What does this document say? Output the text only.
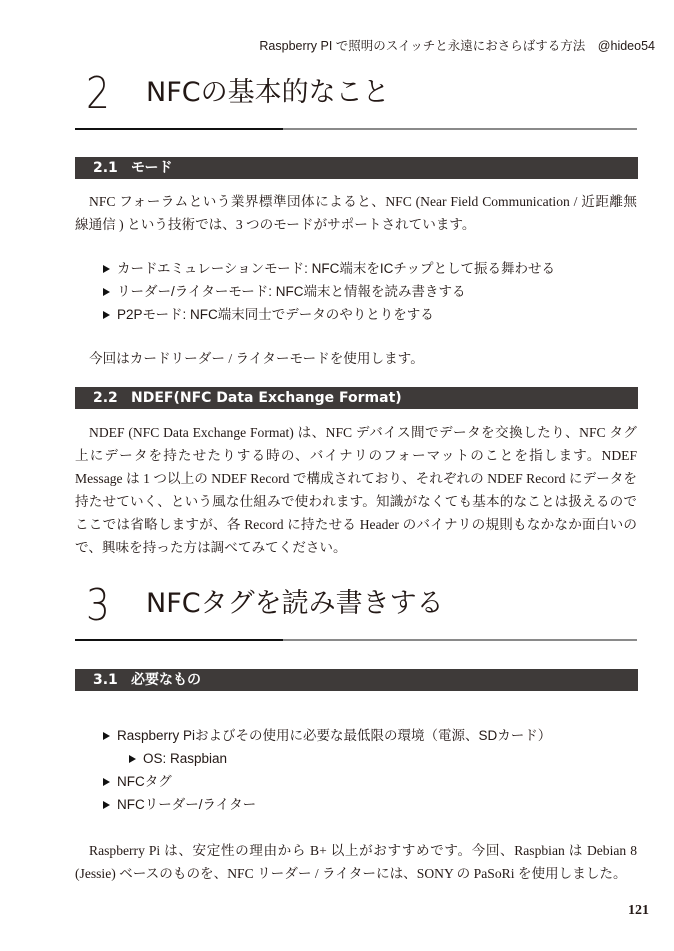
Raspberry PI で照明のスイッチと永遠におさらばする方法　@hideo54
2 NFCの基本的なこと
2.1 モード

NFC フォーラムという業界標準団体によると、NFC (Near Field Communication / 近距離無線通信 ) という技術では、3 つのモードがサポートされています。

カードエミュレーションモード: NFC端末をICチップとして振る舞わせる
リーダー/ライターモード: NFC端末と情報を読み書きする
P2Pモード: NFC端末同士でデータのやりとりをする

今回はカードリーダー / ライターモードを使用します。

2.2 NDEF(NFC Data Exchange Format)

NDEF (NFC Data Exchange Format) は、NFC デバイス間でデータを交換したり、NFC タグ上にデータを持たせたりする時の、バイナリのフォーマットのことを指します。NDEF Message は 1 つ以上の NDEF Record で構成されており、それぞれの NDEF Record にデータを持たせていく、という風な仕組みで使われます。知識がなくても基本的なことは扱えるのでここでは省略しますが、各 Record に持たせる Header のバイナリの規則もなかなか面白いので、興味を持った方は調べてみてください。

3 NFCタグを読み書きする
3.1 必要なもの
Raspberry Piおよびその使用に必要な最低限の環境（電源、SDカード）
OS: Raspbian
NFCタグ
NFCリーダー/ライター

Raspberry Pi は、安定性の理由から B+ 以上がおすすめです。今回、Raspbian は Debian 8 (Jessie) ベースのものを、NFC リーダー / ライターには、SONY の PaSoRi を使用しました。

121
